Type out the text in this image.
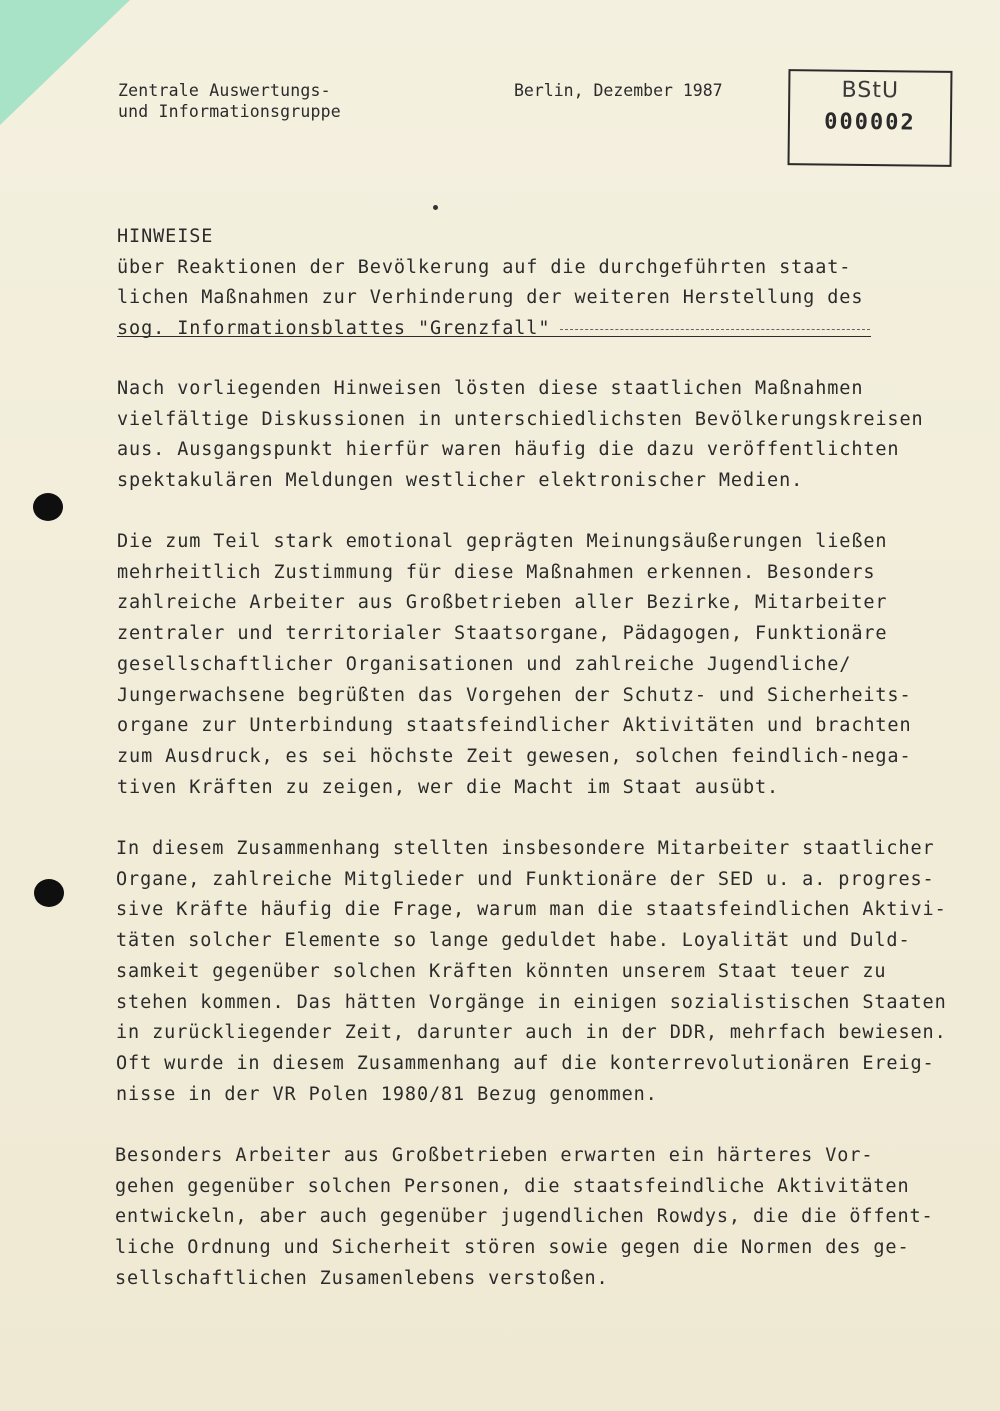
Zentrale Auswertungs-
und Informationsgruppe
Berlin, Dezember 1987	BStU
000002
HINWEISE
über Reaktionen der Bevölkerung auf die durchgeführten staat-
lichen Maßnahmen zur Verhinderung der weiteren Herstellung des
sog. Informationsblattes "Grenzfall"
Nach vorliegenden Hinweisen lösten diese staatlichen Maßnahmen
vielfältige Diskussionen in unterschiedlichsten Bevölkerungskreisen
aus. Ausgangspunkt hierfür waren häufig die dazu veröffentlichten
spektakulären Meldungen westlicher elektronischer Medien.
Die zum Teil stark emotional geprägten Meinungsäußerungen ließen
mehrheitlich Zustimmung für diese Maßnahmen erkennen. Besonders
zahlreiche Arbeiter aus Großbetrieben aller Bezirke, Mitarbeiter
zentraler und territorialer Staatsorgane, Pädagogen, Funktionäre
gesellschaftlicher Organisationen und zahlreiche Jugendliche/
Jungerwachsene begrüßten das Vorgehen der Schutz- und Sicherheits-
organe zur Unterbindung staatsfeindlicher Aktivitäten und brachten
zum Ausdruck, es sei höchste Zeit gewesen, solchen feindlich-nega-
tiven Kräften zu zeigen, wer die Macht im Staat ausübt.
In diesem Zusammenhang stellten insbesondere Mitarbeiter staatlicher
Organe, zahlreiche Mitglieder und Funktionäre der SED u. a. progres-
sive Kräfte häufig die Frage, warum man die staatsfeindlichen Aktivi-
täten solcher Elemente so lange geduldet habe. Loyalität und Duld-
samkeit gegenüber solchen Kräften könnten unserem Staat teuer zu
stehen kommen. Das hätten Vorgänge in einigen sozialistischen Staaten
in zurückliegender Zeit, darunter auch in der DDR, mehrfach bewiesen.
Oft wurde in diesem Zusammenhang auf die konterrevolutionären Ereig-
nisse in der VR Polen 1980/81 Bezug genommen.
Besonders Arbeiter aus Großbetrieben erwarten ein härteres Vor-
gehen gegenüber solchen Personen, die staatsfeindliche Aktivitäten
entwickeln, aber auch gegenüber jugendlichen Rowdys, die die öffent-
liche Ordnung und Sicherheit stören sowie gegen die Normen des ge-
sellschaftlichen Zusamenlebens verstoßen.
